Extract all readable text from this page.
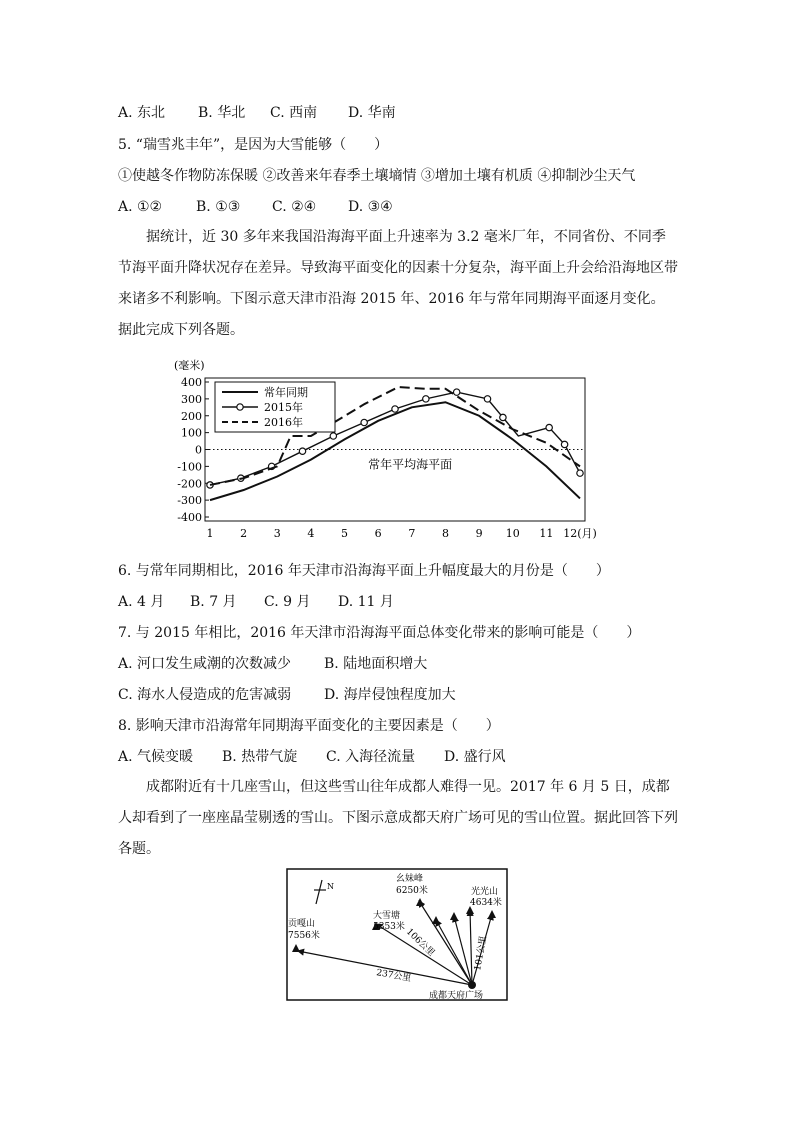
A. 东北 B. 华北 C. 西南 D. 华南
5. “瑞雪兆丰年”，是因为大雪能够（　　）
①使越冬作物防冻保暖 ②改善来年春季土壤墒情 ③增加土壤有机质 ④抑制沙尘天气
A. ①② B. ①③ C. ②④ D. ③④
据统计，近 30 多年来我国沿海海平面上升速率为 3.2 毫米厂年，不同省份、不同季节海平面升降状况存在差异。导致海平面变化的因素十分复杂，海平面上升会给沿海地区带来诸多不利影响。下图示意天津市沿海 2015 年、2016 年与常年同期海平面逐月变化。据此完成下列各题。
400
300
200
100
0
-100
-200
-300
-400
(毫米)
1 2 3 4 5 6 7 8 9 10 11 12(月)
常年平均海平面
常年同期
2015年
2016年
6. 与常年同期相比，2016 年天津市沿海海平面上升幅度最大的月份是（　　）
A. 4 月 B. 7 月 C. 9 月 D. 11 月
7. 与 2015 年相比，2016 年天津市沿海海平面总体变化带来的影响可能是（　　）
A. 河口发生咸潮的次数减少 B. 陆地面积增大
C. 海水人侵造成的危害减弱 D. 海岸侵蚀程度加大
8. 影响天津市沿海常年同期海平面变化的主要因素是（　　）
A. 气候变暖 B. 热带气旋 C. 入海径流量 D. 盛行风
成都附近有十几座雪山，但这些雪山往年成都人难得一见。2017 年 6 月 5 日，成都人却看到了一座座晶莹剔透的雪山。下图示意成都天府广场可见的雪山位置。据此回答下列各题。
N
贡嘎山
7556米
大雪塘
5353米
幺妹峰
6250米	光光山
4634米
237公里
106公里	101公里
成都天府广场
